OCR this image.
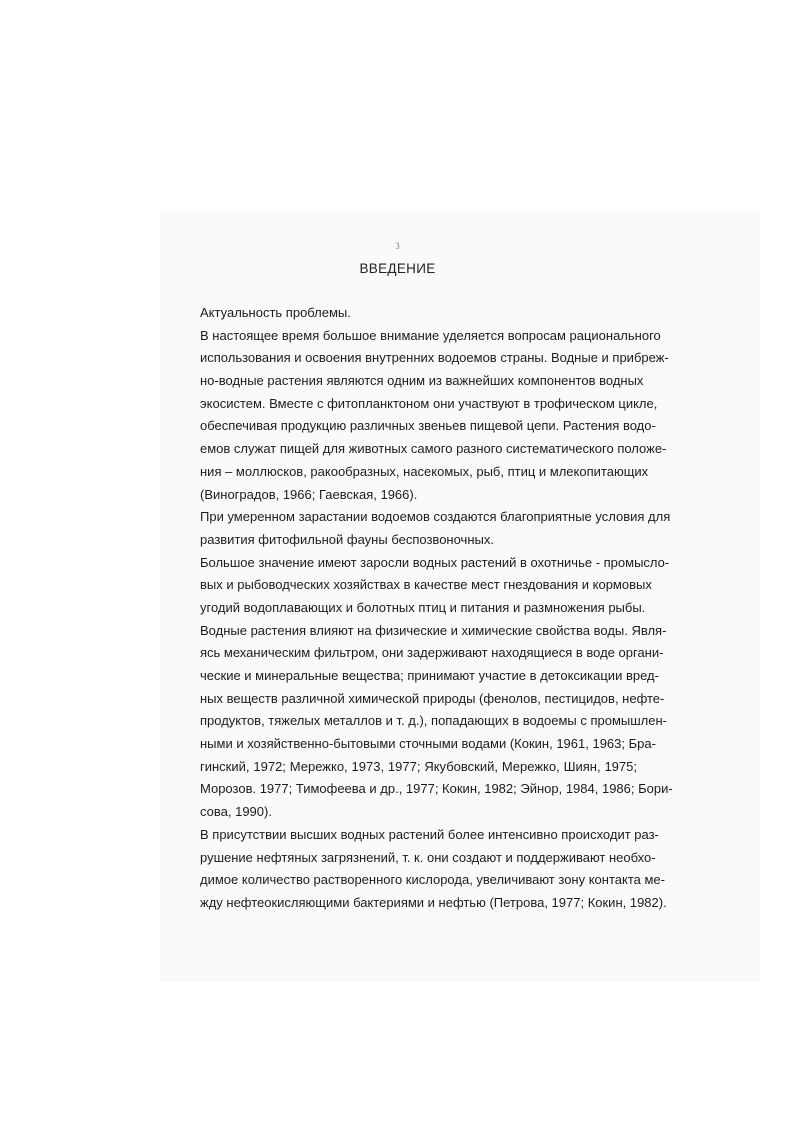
3
ВВЕДЕНИЕ
Актуальность проблемы.
В настоящее время большое внимание уделяется вопросам рационального
использования и освоения внутренних водоемов страны. Водные и прибреж-
но-водные растения являются одним из важнейших компонентов водных
экосистем. Вместе с фитопланктоном они участвуют в трофическом цикле,
обеспечивая продукцию различных звеньев пищевой цепи. Растения водо-
емов служат пищей для животных самого разного систематического положе-
ния – моллюсков, ракообразных, насекомых, рыб, птиц и млекопитающих
(Виноградов, 1966; Гаевская, 1966).
При умеренном зарастании водоемов создаются благоприятные условия для
развития фитофильной фауны беспозвоночных.
Большое значение имеют заросли водных растений в охотничье - промысло-
вых и рыбоводческих хозяйствах в качестве мест гнездования и кормовых
угодий водоплавающих и болотных птиц и питания и размножения рыбы.
Водные растения влияют на физические и химические свойства воды. Явля-
ясь механическим фильтром, они задерживают находящиеся в воде органи-
ческие и минеральные вещества; принимают участие в детоксикации вред-
ных веществ различной химической природы (фенолов, пестицидов, нефте-
продуктов, тяжелых металлов и т. д.), попадающих в водоемы с промышлен-
ными и хозяйственно-бытовыми сточными водами (Кокин, 1961, 1963; Бра-
гинский, 1972; Мережко, 1973, 1977; Якубовский, Мережко, Шиян, 1975;
Морозов. 1977; Тимофеева и др., 1977; Кокин, 1982; Эйнор, 1984, 1986; Бори-
сова, 1990).
В присутствии высших водных растений более интенсивно происходит раз-
рушение нефтяных загрязнений, т. к. они создают и поддерживают необхо-
димое количество растворенного кислорода, увеличивают зону контакта ме-
жду нефтеокисляющими бактериями и нефтью (Петрова, 1977; Кокин, 1982).
